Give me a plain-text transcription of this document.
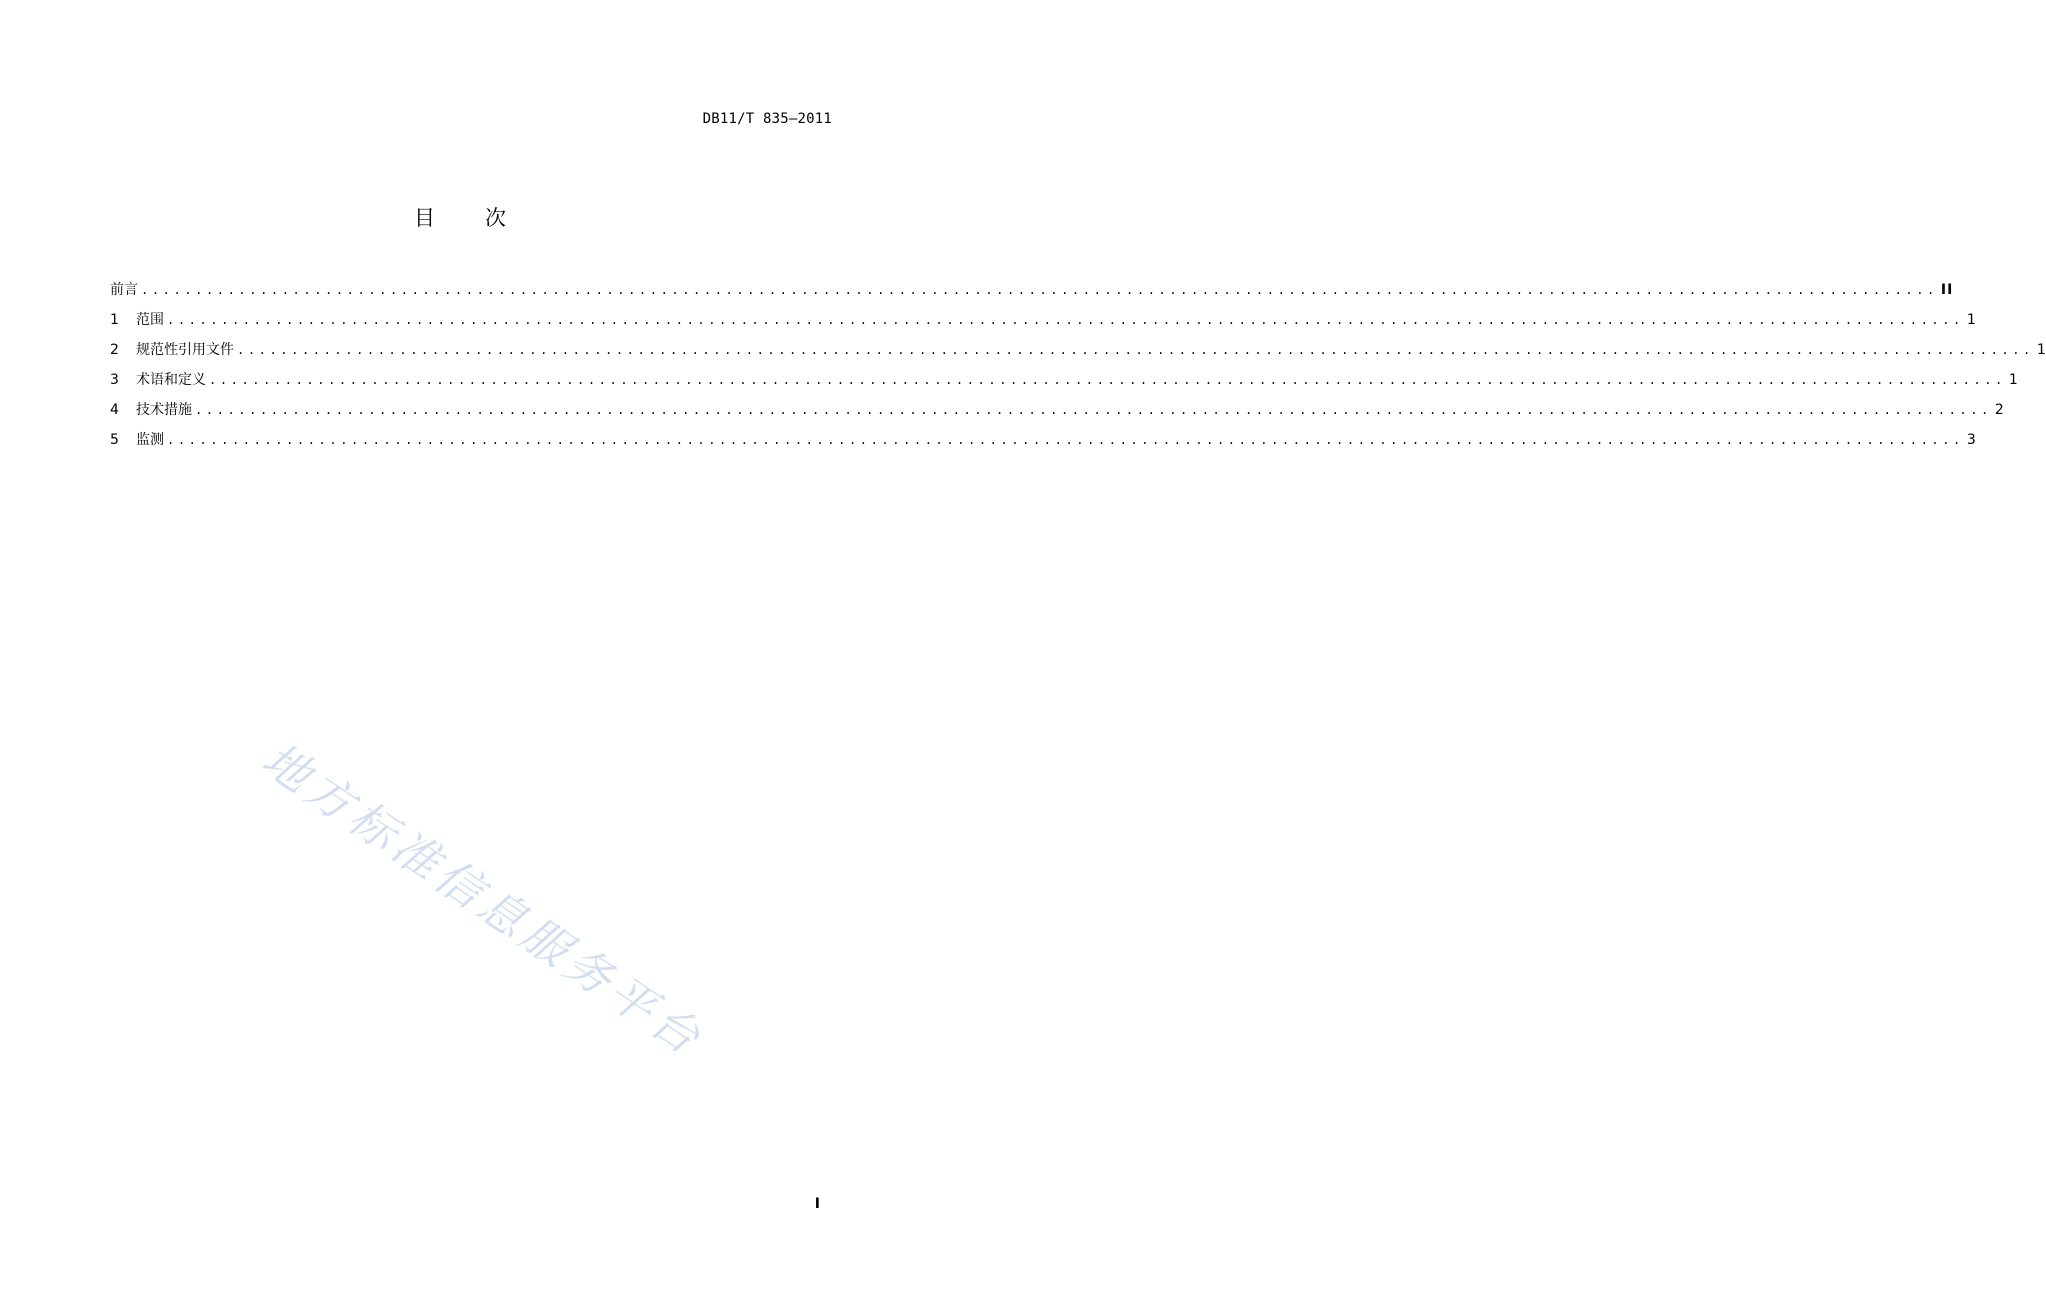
DB11/T 835—2011
目次
前言 ...................................................................................................................................................................... II
1	范围 ...................................................................................................................................................................... 1
2	规范性引用文件 ...................................................................................................................................................................... 1
3	术语和定义 ...................................................................................................................................................................... 1
4	技术措施 ...................................................................................................................................................................... 2
5	监测 ...................................................................................................................................................................... 3
地方标准信息服务平台
I
